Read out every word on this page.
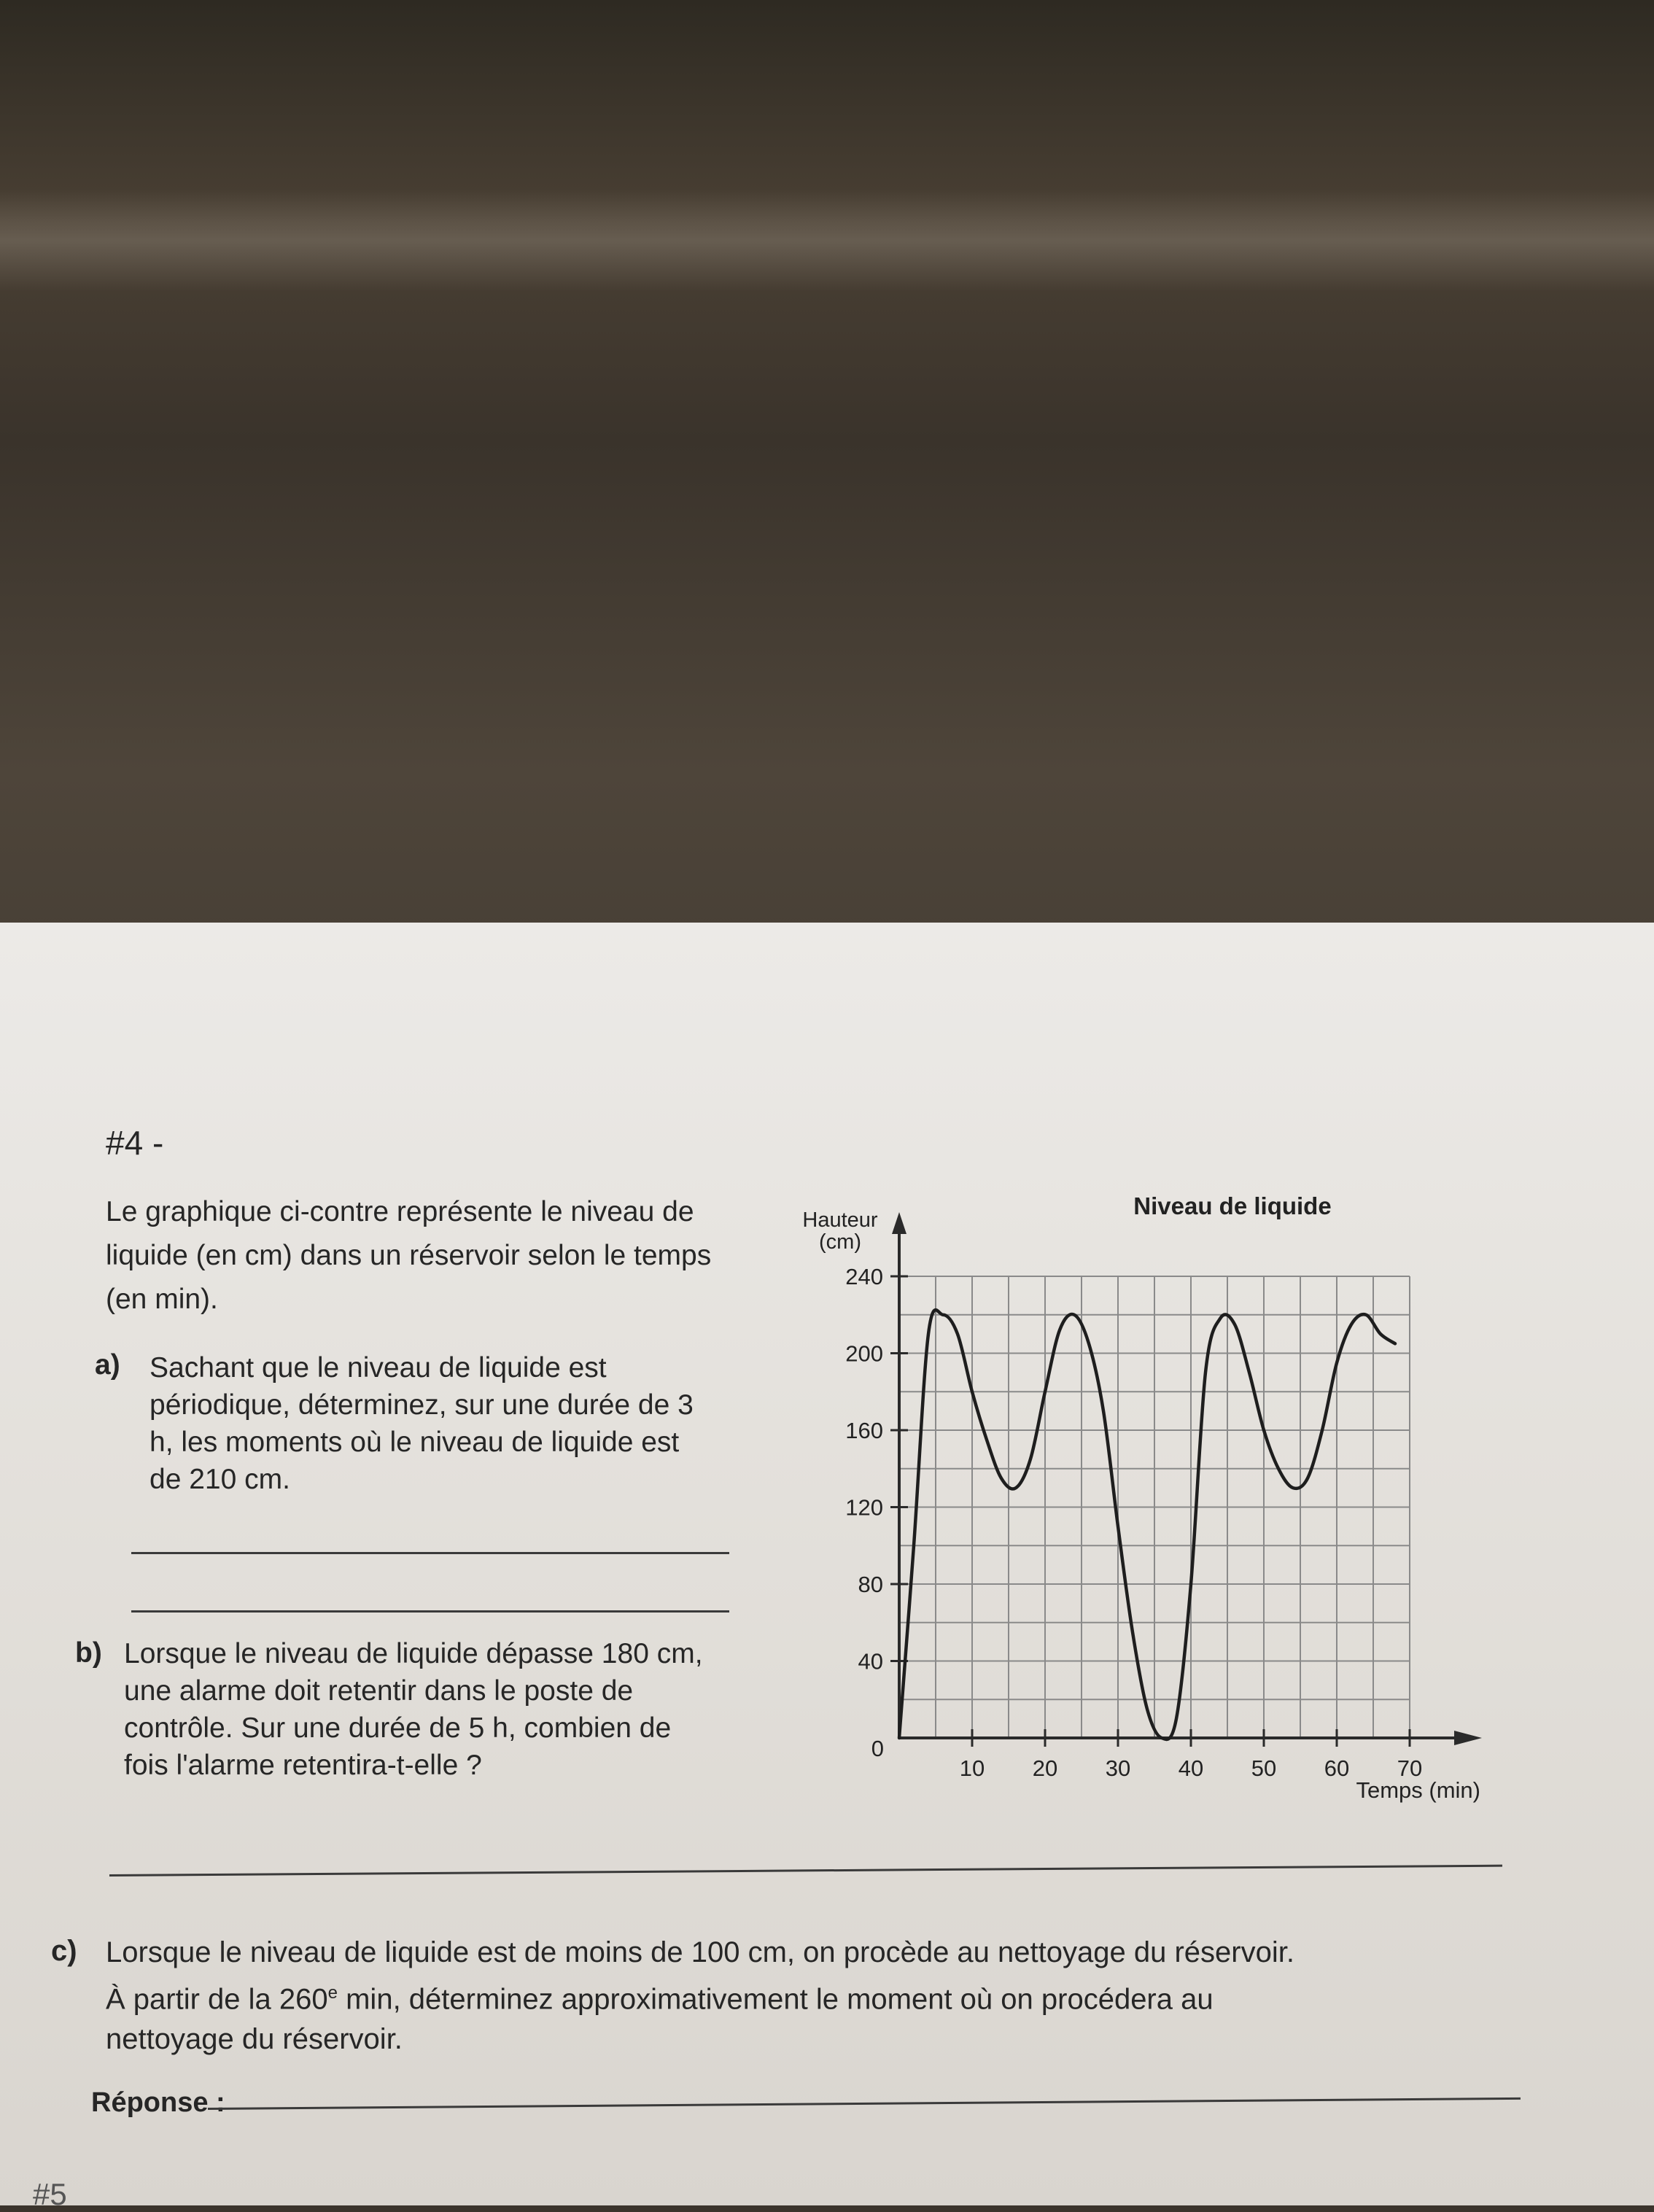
#4 -

Le graphique ci-contre représente le niveau de liquide (en cm) dans un réservoir selon le temps (en min).

a) Sachant que le niveau de liquide est périodique, déterminez, sur une durée de 3 h, les moments où le niveau de liquide est de 210 cm.

b) Lorsque le niveau de liquide dépasse 180 cm, une alarme doit retentir dans le poste de contrôle. Sur une durée de 5 h, combien de fois l'alarme retentira-t-elle ?

c) Lorsque le niveau de liquide est de moins de 100 cm, on procède au nettoyage du réservoir.
À partir de la 260e min, déterminez approximativement le moment où on procédera au
nettoyage du réservoir.

Réponse :

#5

40
80
120
160
200
240
10 20 30 40 50 60 70
Niveau de liquide
Hauteur
(cm)
Temps (min)
0
